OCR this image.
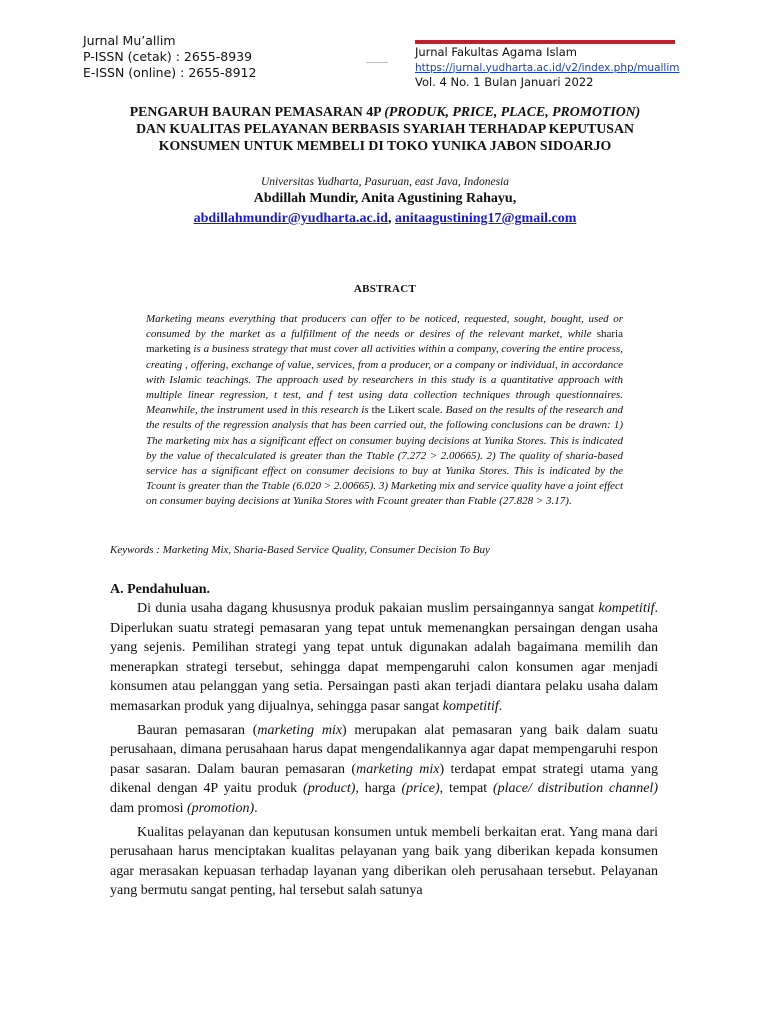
Jurnal Mu’allim
P-ISSN (cetak) : 2655-8939
E-ISSN (online) : 2655-8912
Jurnal Fakultas Agama Islam
https://jurnal.yudharta.ac.id/v2/index.php/muallim
Vol. 4 No. 1 Bulan Januari 2022
PENGARUH BAURAN PEMASARAN 4P (PRODUK, PRICE, PLACE, PROMOTION)
DAN KUALITAS PELAYANAN BERBASIS SYARIAH TERHADAP KEPUTUSAN
KONSUMEN UNTUK MEMBELI DI TOKO YUNIKA JABON SIDOARJO
Universitas Yudharta, Pasuruan, east Java, Indonesia
Abdillah Mundir, Anita Agustining Rahayu,
abdillahmundir@yudharta.ac.id, anitaagustining17@gmail.com
ABSTRACT
Marketing means everything that producers can offer to be noticed, requested, sought, bought, used or consumed by the market as a fulfillment of the needs or desires of the relevant market, while sharia marketing is a business strategy that must cover all activities within a company, covering the entire process, creating , offering, exchange of value, services, from a producer, or a company or individual, in accordance with Islamic teachings. The approach used by researchers in this study is a quantitative approach with multiple linear regression, t test, and f test using data collection techniques through questionnaires. Meanwhile, the instrument used in this research is the Likert scale. Based on the results of the research and the results of the regression analysis that has been carried out, the following conclusions can be drawn: 1) The marketing mix has a significant effect on consumer buying decisions at Yunika Stores. This is indicated by the value of thecalculated is greater than the Ttable (7.272 > 2.00665). 2) The quality of sharia-based service has a significant effect on consumer decisions to buy at Yunika Stores. This is indicated by the Tcount is greater than the Ttable (6.020 > 2.00665). 3) Marketing mix and service quality have a joint effect on consumer buying decisions at Yunika Stores with Fcount greater than Ftable (27.828 > 3.17).
Keywords : Marketing Mix, Sharia-Based Service Quality, Consumer Decision To Buy
A. Pendahuluan.

Di dunia usaha dagang khususnya produk pakaian muslim persaingannya sangat kompetitif. Diperlukan suatu strategi pemasaran yang tepat untuk memenangkan persaingan dengan usaha yang sejenis. Pemilihan strategi yang tepat untuk digunakan adalah bagaimana memilih dan menerapkan strategi tersebut, sehingga dapat mempengaruhi calon konsumen agar menjadi konsumen atau pelanggan yang setia. Persaingan pasti akan terjadi diantara pelaku usaha dalam memasarkan produk yang dijualnya, sehingga pasar sangat kompetitif.

Bauran pemasaran (marketing mix) merupakan alat pemasaran yang baik dalam suatu perusahaan, dimana perusahaan harus dapat mengendalikannya agar dapat mempengaruhi respon pasar sasaran. Dalam bauran pemasaran (marketing mix) terdapat empat strategi utama yang dikenal dengan 4P yaitu produk (product), harga (price), tempat (place/ distribution channel) dam promosi (promotion).

Kualitas pelayanan dan keputusan konsumen untuk membeli berkaitan erat. Yang mana dari perusahaan harus menciptakan kualitas pelayanan yang baik yang diberikan kepada konsumen agar merasakan kepuasan terhadap layanan yang diberikan oleh perusahaan tersebut. Pelayanan yang bermutu sangat penting, hal tersebut salah satunya
